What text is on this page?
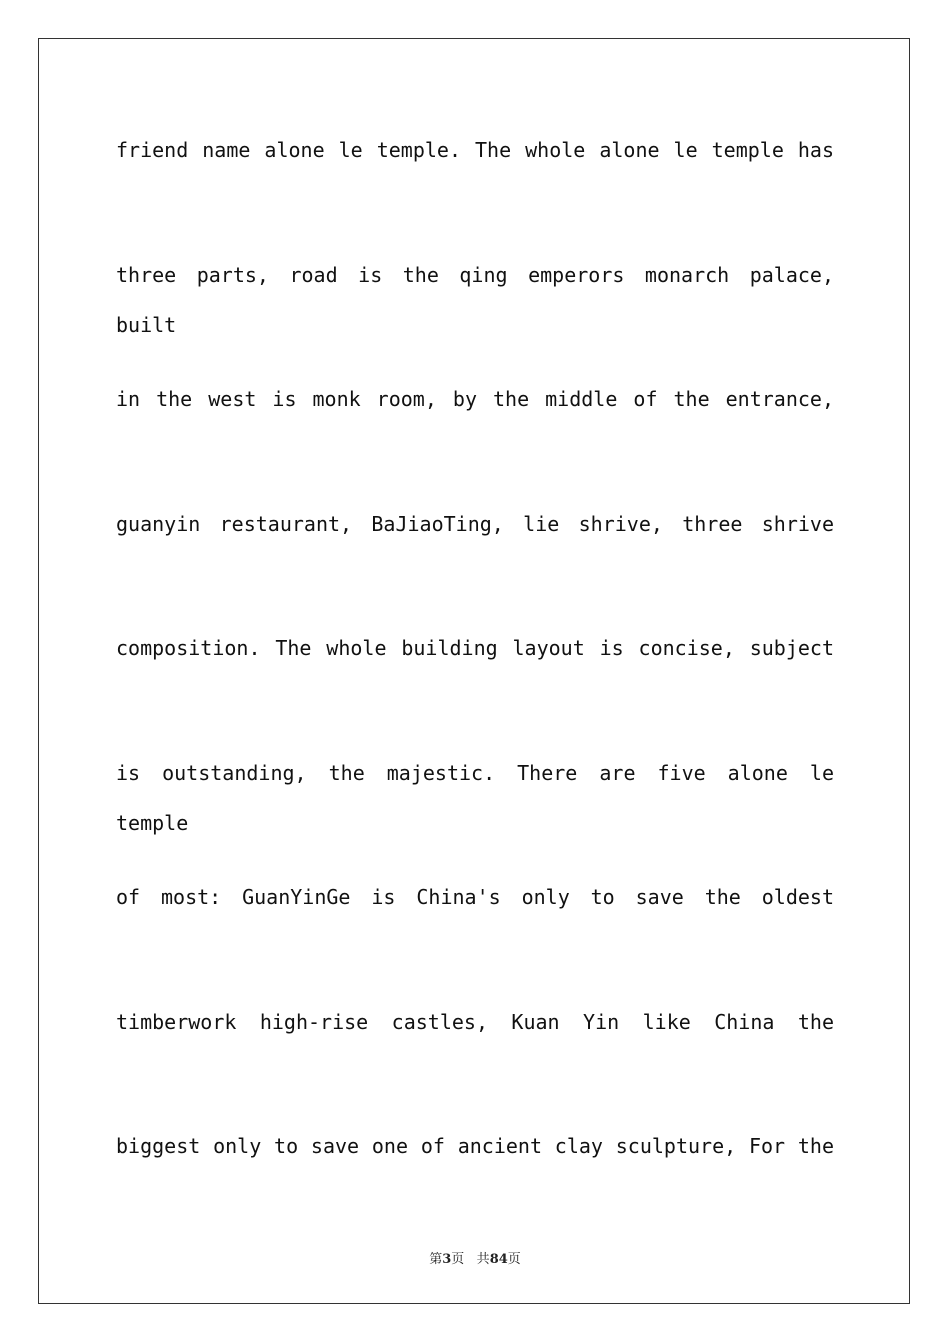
friend name alone le temple. The whole alone le temple has
three parts, road is the qing emperors monarch palace, built
in the west is monk room, by the middle of the entrance,
guanyin restaurant, BaJiaoTing, lie shrive, three shrive
composition. The whole building layout is concise, subject
is outstanding, the majestic. There are five alone le temple
of most: GuanYinGe is China's only to save the oldest
timberwork high-rise castles, Kuan Yin like China the
biggest only to save one of ancient clay sculpture, For the
第3页 共84页
